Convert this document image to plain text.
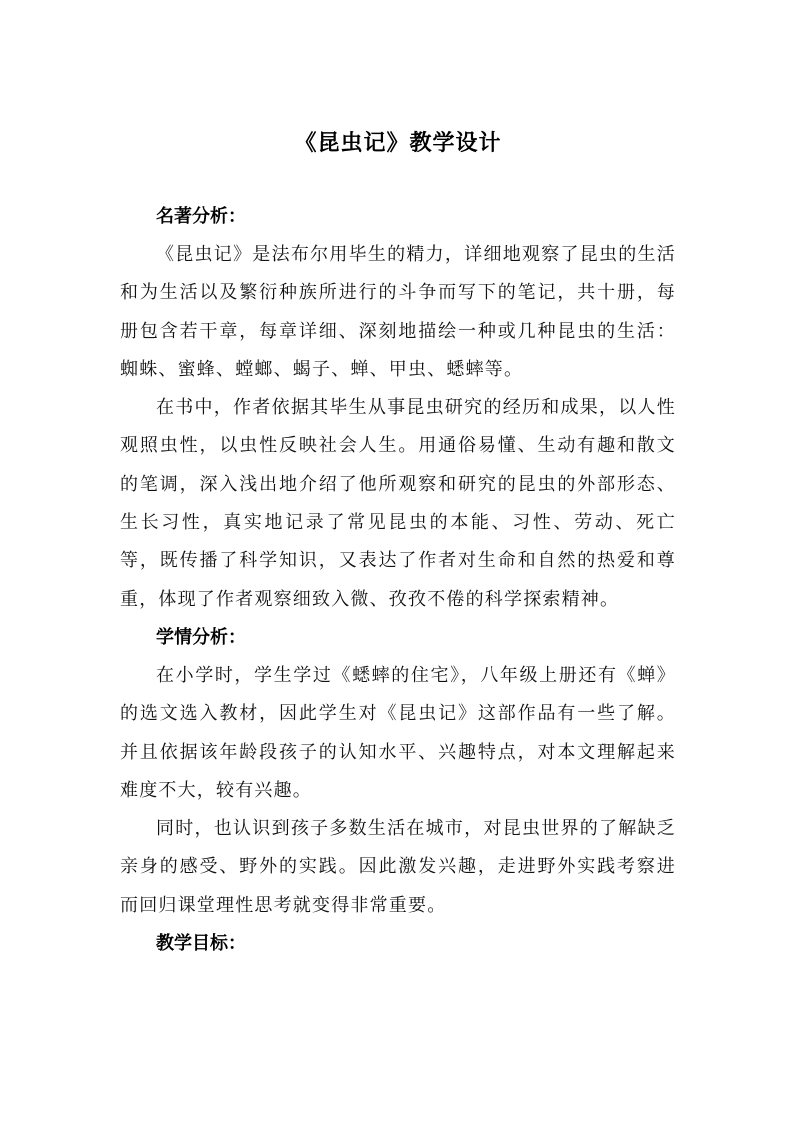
《昆虫记》教学设计
名著分析：

《昆虫记》是法布尔用毕生的精力，详细地观察了昆虫的生活和为生活以及繁衍种族所进行的斗争而写下的笔记，共十册，每册包含若干章，每章详细、深刻地描绘一种或几种昆虫的生活：蜘蛛、蜜蜂、螳螂、蝎子、蝉、甲虫、蟋蟀等。

在书中，作者依据其毕生从事昆虫研究的经历和成果，以人性观照虫性，以虫性反映社会人生。用通俗易懂、生动有趣和散文的笔调，深入浅出地介绍了他所观察和研究的昆虫的外部形态、生长习性，真实地记录了常见昆虫的本能、习性、劳动、死亡等，既传播了科学知识，又表达了作者对生命和自然的热爱和尊重，体现了作者观察细致入微、孜孜不倦的科学探索精神。

学情分析：

在小学时，学生学过《蟋蟀的住宅》，八年级上册还有《蝉》的选文选入教材，因此学生对《昆虫记》这部作品有一些了解。并且依据该年龄段孩子的认知水平、兴趣特点，对本文理解起来难度不大，较有兴趣。

同时，也认识到孩子多数生活在城市，对昆虫世界的了解缺乏亲身的感受、野外的实践。因此激发兴趣，走进野外实践考察进而回归课堂理性思考就变得非常重要。

教学目标：
